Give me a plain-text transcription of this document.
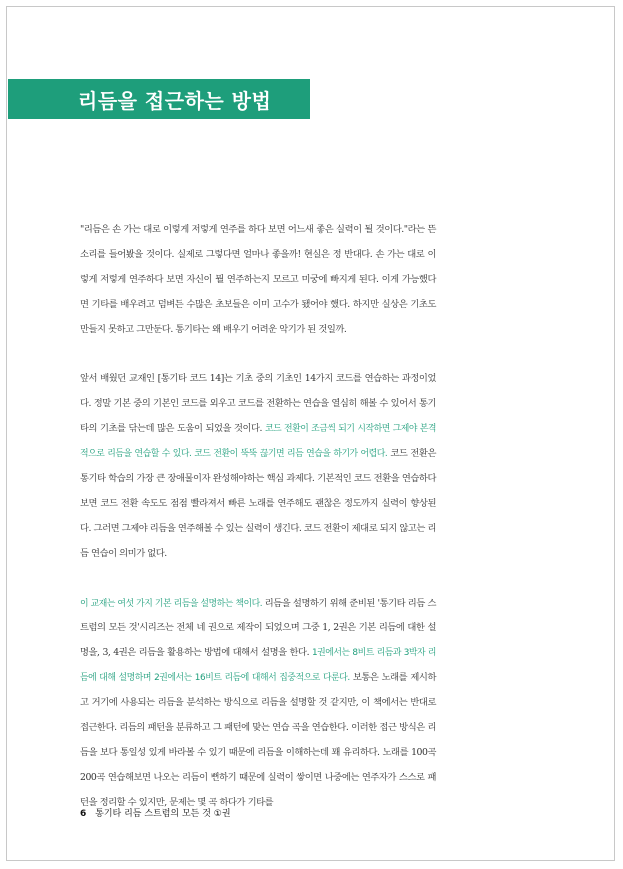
리듬을 접근하는 방법

"리듬은 손 가는 대로 이렇게 저렇게 연주를 하다 보면 어느새 좋은 실력이 될 것이다."라는 뜬 소리를 들어봤을 것이다. 실제로 그렇다면 얼마나 좋을까! 현실은 정 반대다. 손 가는 대로 이렇게 저렇게 연주하다 보면 자신이 뭘 연주하는지 모르고 미궁에 빠지게 된다. 이게 가능했다면 기타를 배우려고 덤벼든 수많은 초보들은 이미 고수가 됐어야 했다. 하지만 실상은 기초도 만들지 못하고 그만둔다. 통기타는 왜 배우기 어려운 악기가 된 것일까.

앞서 배웠던 교재인 [통기타 코드 14]는 기초 중의 기초인 14가지 코드를 연습하는 과정이었다. 정말 기본 중의 기본인 코드를 외우고 코드를 전환하는 연습을 열심히 해볼 수 있어서 통기타의 기초를 닦는데 많은 도움이 되었을 것이다. 코드 전환이 조금씩 되기 시작하면 그제야 본격적으로 리듬을 연습할 수 있다. 코드 전환이 뚝뚝 끊기면 리듬 연습을 하기가 어렵다. 코드 전환은 통기타 학습의 가장 큰 장애물이자 완성해야하는 핵심 과제다. 기본적인 코드 전환을 연습하다 보면 코드 전환 속도도 점점 빨라져서 빠른 노래를 연주해도 괜찮은 정도까지 실력이 향상된다. 그러면 그제야 리듬을 연주해볼 수 있는 실력이 생긴다. 코드 전환이 제대로 되지 않고는 리듬 연습이 의미가 없다.

이 교재는 여섯 가지 기본 리듬을 설명하는 책이다. 리듬을 설명하기 위해 준비된 '통기타 리듬 스트럼의 모든 것'시리즈는 전체 네 권으로 제작이 되었으며 그중 1, 2권은 기본 리듬에 대한 설명을, 3, 4권은 리듬을 활용하는 방법에 대해서 설명을 한다. 1권에서는 8비트 리듬과 3박자 리듬에 대해 설명하며 2권에서는 16비트 리듬에 대해서 집중적으로 다룬다. 보통은 노래를 제시하고 거기에 사용되는 리듬을 분석하는 방식으로 리듬을 설명할 것 같지만, 이 책에서는 반대로 접근한다. 리듬의 패턴을 분류하고 그 패턴에 맞는 연습 곡을 연습한다. 이러한 접근 방식은 리듬을 보다 통일성 있게 바라볼 수 있기 때문에 리듬을 이해하는데 꽤 유리하다. 노래를 100곡 200곡 연습해보면 나오는 리듬이 뻔하기 때문에 실력이 쌓이면 나중에는 연주자가 스스로 패턴을 정리할 수 있지만, 문제는 몇 곡 하다가 기타를

6 통기타 리듬 스트럼의 모든 것 ①권
